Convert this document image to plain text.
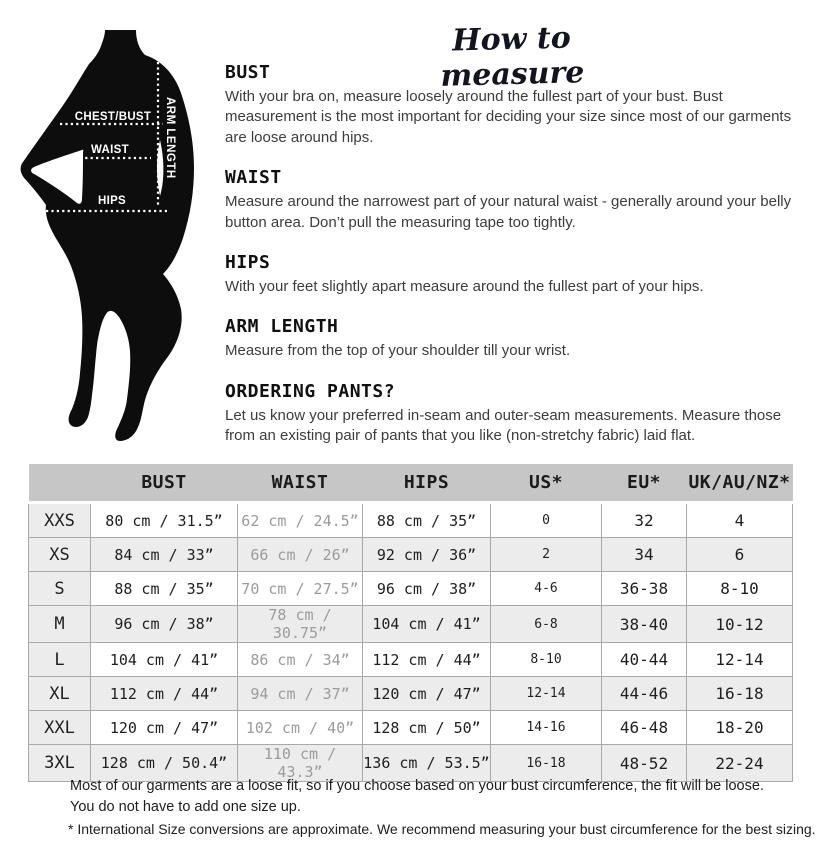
CHEST/BUST
WAIST
HIPS
ARM LENGTH
How to measure
BUST

With your bra on, measure loosely around the fullest part of your bust. Bust measurement is the most important for deciding your size since most of our garments are loose around hips.

WAIST

Measure around the narrowest part of your natural waist - generally around your belly button area. Don’t pull the measuring tape too tightly.

HIPS

With your feet slightly apart measure around the fullest part of your hips.

ARM LENGTH

Measure from the top of your shoulder till your wrist.

ORDERING PANTS?

Let us know your preferred in-seam and outer-seam measurements. Measure those from an existing pair of pants that you like (non-stretchy fabric) laid flat.

	BUST	WAIST	HIPS	US*	EU*	UK/AU/NZ*
XXS	80 cm / 31.5”	62 cm / 24.5”	88 cm / 35”	0	32	4
XS	84 cm / 33”	66 cm / 26”	92 cm / 36”	2	34	6
S	88 cm / 35”	70 cm / 27.5”	96 cm / 38”	4-6	36-38	8-10
M	96 cm / 38”	78 cm / 30.75”	104 cm / 41”	6-8	38-40	10-12
L	104 cm / 41”	86 cm / 34”	112 cm / 44”	8-10	40-44	12-14
XL	112 cm / 44”	94 cm / 37”	120 cm / 47”	12-14	44-46	16-18
XXL	120 cm / 47”	102 cm / 40”	128 cm / 50”	14-16	46-48	18-20
3XL	128 cm / 50.4”	110 cm / 43.3”	136 cm / 53.5”	16-18	48-52	22-24
Most of our garments are a loose fit, so if you choose based on your bust circumference, the fit will be loose.
You do not have to add one size up.
* International Size conversions are approximate. We recommend measuring your bust circumference for the best sizing.
